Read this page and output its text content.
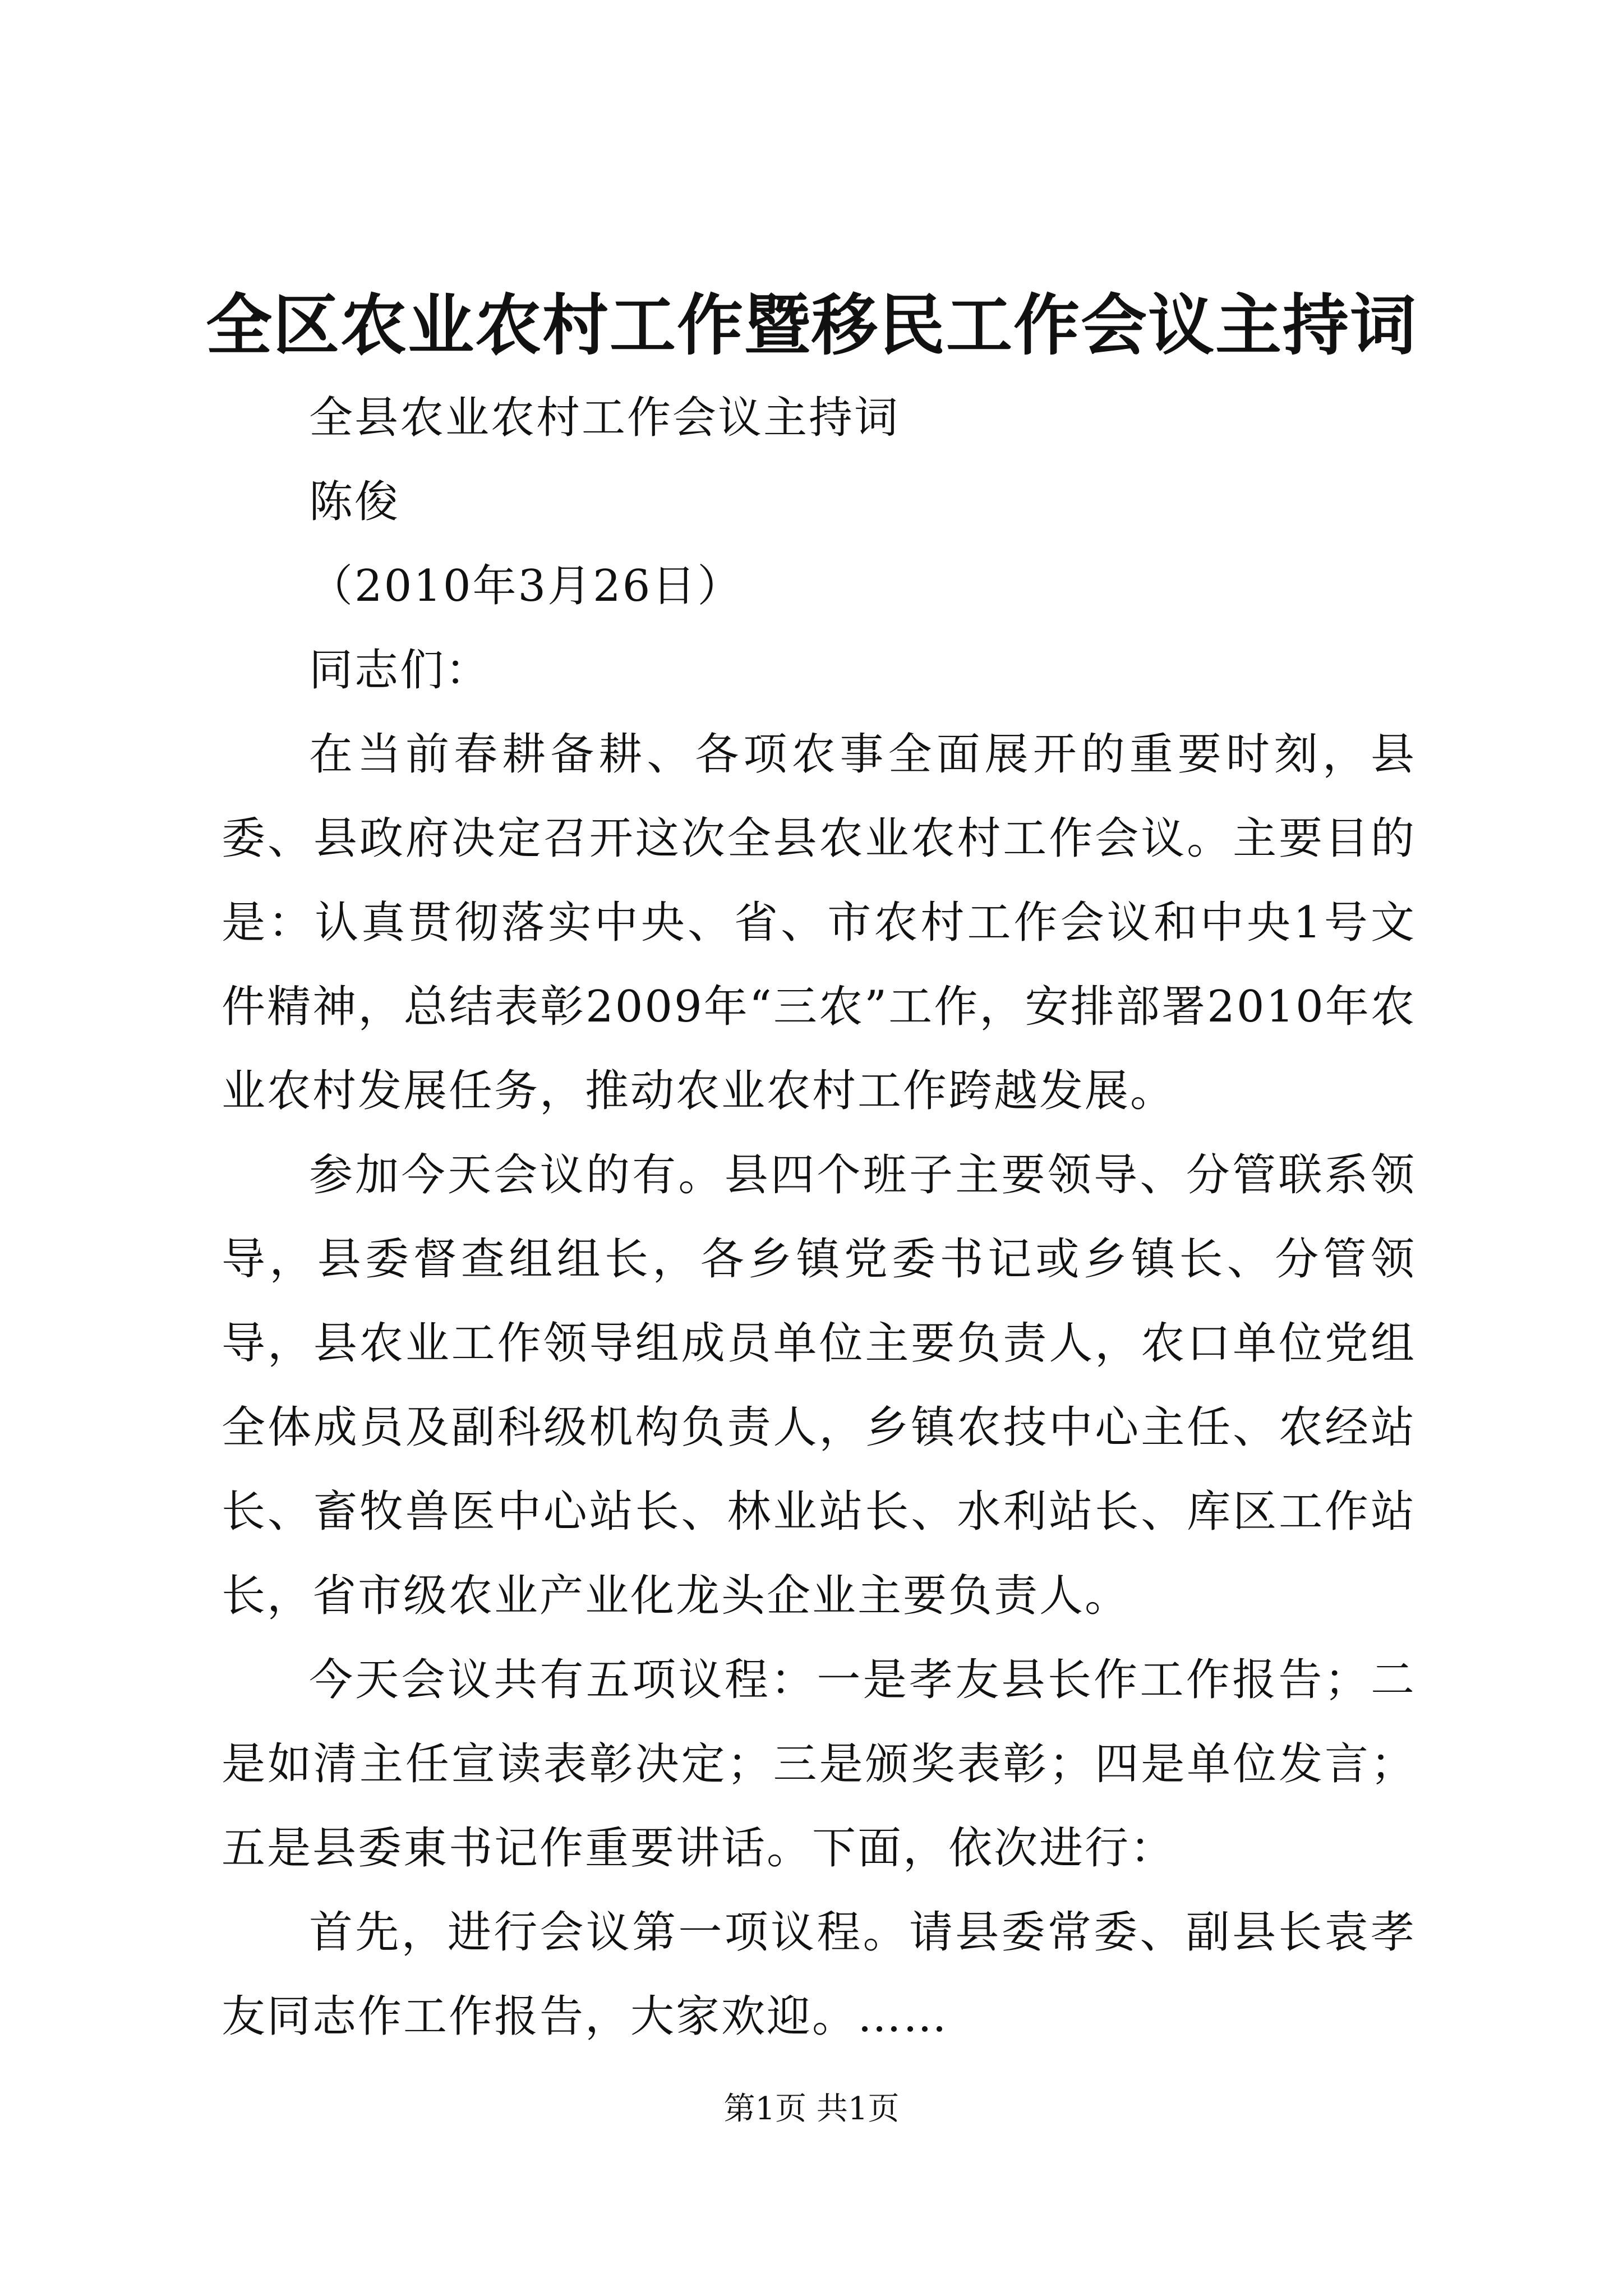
全区农业农村工作暨移民工作会议主持词

全县农业农村工作会议主持词

陈俊

（2010年3月26日）

同志们：

在当前春耕备耕、各项农事全面展开的重要时刻，县委、县政府决定召开这次全县农业农村工作会议。主要目的是：认真贯彻落实中央、省、市农村工作会议和中央1号文件精神，总结表彰2009年“三农”工作，安排部署2010年农业农村发展任务，推动农业农村工作跨越发展。

参加今天会议的有。县四个班子主要领导、分管联系领导，县委督查组组长，各乡镇党委书记或乡镇长、分管领导，县农业工作领导组成员单位主要负责人，农口单位党组全体成员及副科级机构负责人，乡镇农技中心主任、农经站长、畜牧兽医中心站长、林业站长、水利站长、库区工作站长，省市级农业产业化龙头企业主要负责人。

今天会议共有五项议程：一是孝友县长作工作报告；二是如清主任宣读表彰决定；三是颁奖表彰；四是单位发言；五是县委東书记作重要讲话。下面，依次进行：

首先，进行会议第一项议程。请县委常委、副县长袁孝友同志作工作报告，大家欢迎。……

第1页 共1页
